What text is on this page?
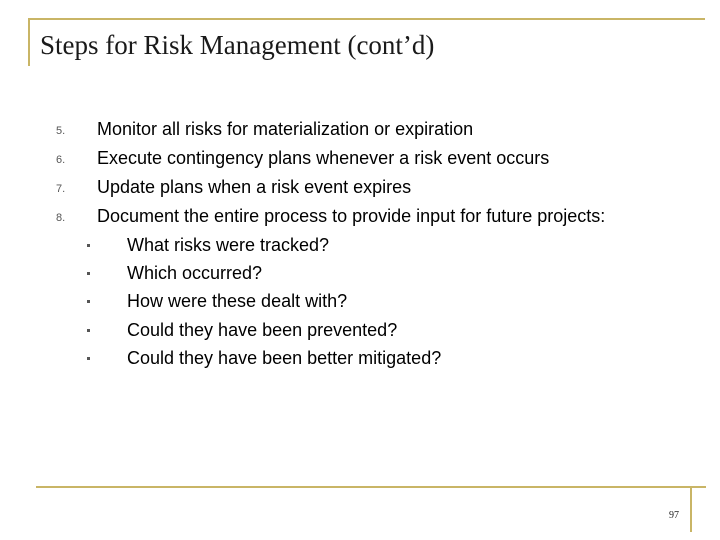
Steps for Risk Management (cont’d)
5. Monitor all risks for materialization or expiration
6. Execute contingency plans whenever a risk event occurs
7. Update plans when a risk event expires
8. Document the entire process to provide input for future projects:
What risks were tracked?
Which occurred?
How were these dealt with?
Could they have been prevented?
Could they have been better mitigated?
97
